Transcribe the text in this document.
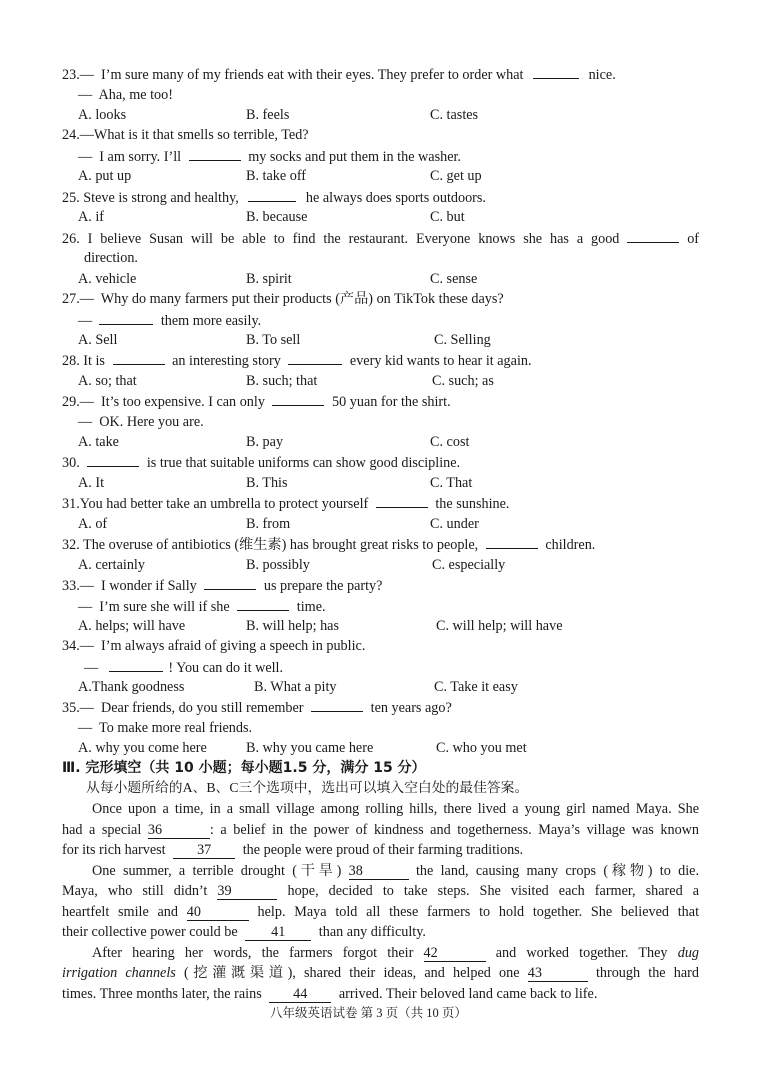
23.— I’m sure many of my friends eat with their eyes. They prefer to order what	nice.
— Aha, me too!
A. looks	B. feels	C. tastes
24.—What is it that smells so terrible, Ted?
— I am sorry. I’ll	my socks and put them in the washer.
A. put up	B. take off	C. get up
25. Steve is strong and healthy,	he always does sports outdoors.
A. if	B. because	C. but
26. I believe Susan will be able to find the restaurant. Everyone knows she has a good	of
direction.
A. vehicle	B. spirit	C. sense
27.— Why do many farmers put their products (产品) on TikTok these days?
—	them more easily.
A. Sell	B. To sell	C. Selling
28. It is	an interesting story	every kid wants to hear it again.
A. so; that	B. such; that	C. such; as
29.— It’s too expensive. I can only	50 yuan for the shirt.
— OK. Here you are.
A. take	B. pay	C. cost
30.	is true that suitable uniforms can show good discipline.
A. It	B. This	C. That
31.You had better take an umbrella to protect yourself	the sunshine.
A. of	B. from	C. under
32. The overuse of antibiotics (维生素) has brought great risks to people,	children.
A. certainly	B. possibly	C. especially
33.— I wonder if Sally	us prepare the party?
— I’m sure she will if she	time.
A. helps; will have	B. will help; has	C. will help; will have
34.— I’m always afraid of giving a speech in public.
—	! You can do it well.
A.Thank goodness	B. What a pity	C. Take it easy
35.— Dear friends, do you still remember	ten years ago?
— To make more real friends.
A. why you come here	B. why you came here	C. who you met
Ⅲ. 完形填空（共 10 小题；每小题1.5 分，满分 15 分）
从每小题所给的A、B、C三个选项中，选出可以填入空白处的最佳答案。
Once upon a time, in a small village among rolling hills, there lived a young girl named Maya. She
had a special 36	: a belief in the power of kindness and togetherness. Maya’s village was known
for its rich harvest 37 the people were proud of their farming traditions.
One summer, a terrible drought (干旱) 38	the land, causing many crops (稼物) to die.
Maya, who still didn’t 39	hope, decided to take steps. She visited each farmer, shared a
heartfelt smile and 40	help. Maya told all these farmers to hold together. She believed that
their collective power could be 41 than any difficulty.
After hearing her words, the farmers forgot their 42	and worked together. They dug
irrigation channels (挖灌溉渠道), shared their ideas, and helped one 43	through the hard
times. Three months later, the rains 44 arrived. Their beloved land came back to life.
八年级英语试卷 第 3 页（共 10 页）
